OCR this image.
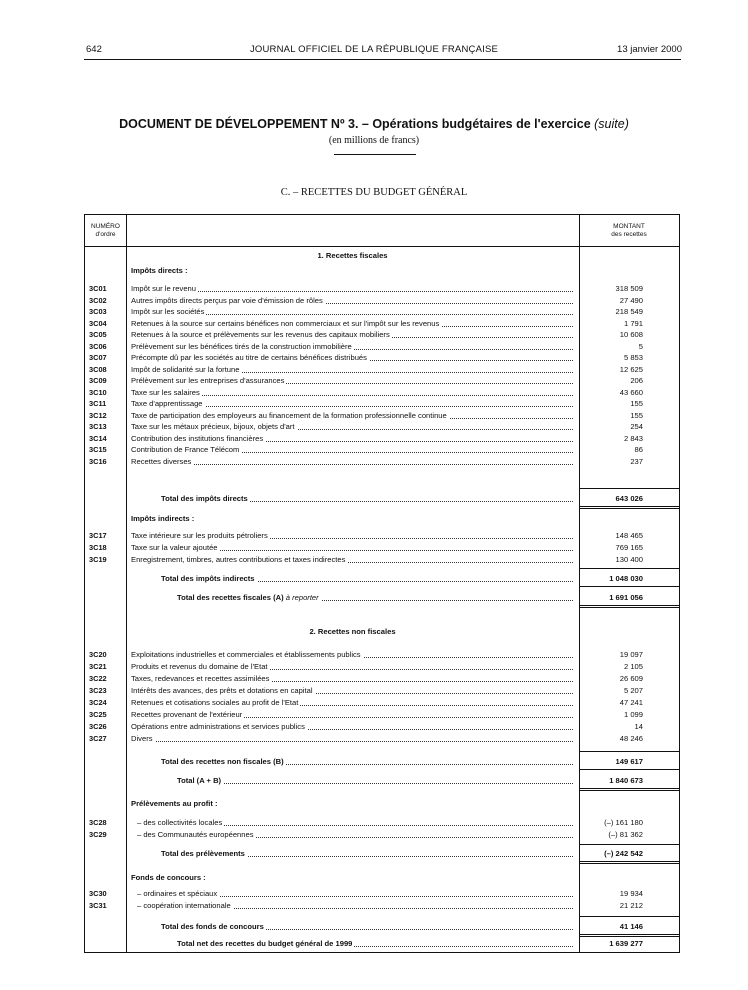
642	JOURNAL OFFICIEL DE LA RÉPUBLIQUE FRANÇAISE	13 janvier 2000
DOCUMENT DE DÉVELOPPEMENT Nº 3. – Opérations budgétaires de l'exercice (suite)
(en millions de francs)
C. – RECETTES DU BUDGET GÉNÉRAL
NUMÉRO
d'ordre
MONTANT
des recettes
1. Recettes fiscales
Impôts directs :
3C01	Impôt sur le revenu	318 509
3C02	Autres impôts directs perçus par voie d'émission de rôles	27 490
3C03	Impôt sur les sociétés	218 549
3C04	Retenues à la source sur certains bénéfices non commerciaux et sur l'impôt sur les revenus	1 791
3C05	Retenues à la source et prélèvements sur les revenus des capitaux mobiliers	10 608
3C06	Prélèvement sur les bénéfices tirés de la construction immobilière	5
3C07	Précompte dû par les sociétés au titre de certains bénéfices distribués	5 853
3C08	Impôt de solidarité sur la fortune	12 625
3C09	Prélèvement sur les entreprises d'assurances	206
3C10	Taxe sur les salaires	43 660
3C11	Taxe d'apprentissage	155
3C12	Taxe de participation des employeurs au financement de la formation professionnelle continue	155
3C13	Taxe sur les métaux précieux, bijoux, objets d'art	254
3C14	Contribution des institutions financières	2 843
3C15	Contribution de France Télécom	86
3C16	Recettes diverses	237
Total des impôts directs	643 026
Impôts indirects :
3C17	Taxe intérieure sur les produits pétroliers	148 465
3C18	Taxe sur la valeur ajoutée	769 165
3C19	Enregistrement, timbres, autres contributions et taxes indirectes	130 400
Total des impôts indirects	1 048 030
Total des recettes fiscales (A) à reporter	1 691 056
2. Recettes non fiscales
3C20	Exploitations industrielles et commerciales et établissements publics	19 097
3C21	Produits et revenus du domaine de l'Etat	2 105
3C22	Taxes, redevances et recettes assimilées	26 609
3C23	Intérêts des avances, des prêts et dotations en capital	5 207
3C24	Retenues et cotisations sociales au profit de l'Etat	47 241
3C25	Recettes provenant de l'extérieur	1 099
3C26	Opérations entre administrations et services publics	14
3C27	Divers	48 246
Total des recettes non fiscales (B)	149 617
Total (A + B)	1 840 673
Prélèvements au profit :
3C28	– des collectivités locales	(–) 161 180
3C29	– des Communautés européennes	(–) 81 362
Total des prélèvements	(–) 242 542
Fonds de concours :
3C30	– ordinaires et spéciaux	19 934
3C31	– coopération internationale	21 212
Total des fonds de concours	41 146
Total net des recettes du budget général de 1999	1 639 277
